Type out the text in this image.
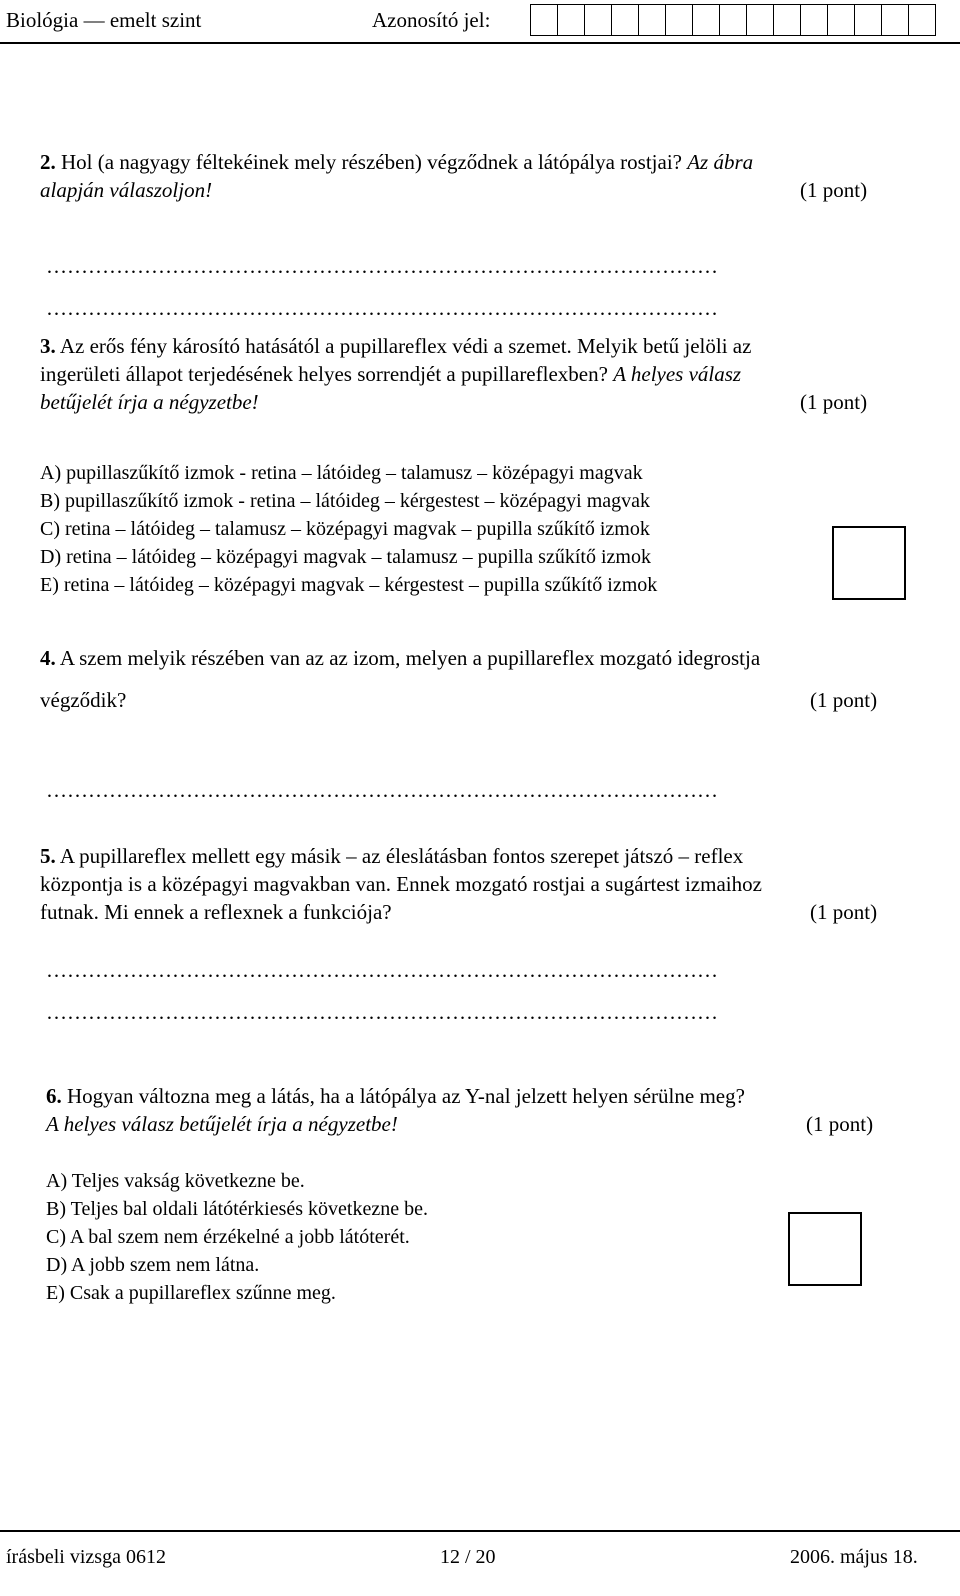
Biológia — emelt szint	Azonosító jel:
2. Hol (a nagyagy féltekéinek mely részében) végződnek a látópálya rostjai? Az ábra
alapján válaszoljon!	(1 pont)
……………………………………………………………………………………
……………………………………………………………………………………
3. Az erős fény károsító hatásától a pupillareflex védi a szemet. Melyik betű jelöli az
ingerületi állapot terjedésének helyes sorrendjét a pupillareflexben? A helyes válasz
betűjelét írja a négyzetbe!	(1 pont)
A) pupillaszűkítő izmok - retina – látóideg – talamusz – középagyi magvak
B) pupillaszűkítő izmok - retina – látóideg – kérgestest – középagyi magvak
C) retina – látóideg – talamusz – középagyi magvak – pupilla szűkítő izmok
D) retina – látóideg – középagyi magvak – talamusz – pupilla szűkítő izmok
E) retina – látóideg – középagyi magvak – kérgestest – pupilla szűkítő izmok
4. A szem melyik részében van az az izom, melyen a pupillareflex mozgató idegrostja
végződik?	(1 pont)
……………………………………………………………………………………
5. A pupillareflex mellett egy másik – az éleslátásban fontos szerepet játszó – reflex
központja is a középagyi magvakban van. Ennek mozgató rostjai a sugártest izmaihoz
futnak. Mi ennek a reflexnek a funkciója?	(1 pont)
……………………………………………………………………………………
……………………………………………………………………………………
6. Hogyan változna meg a látás, ha a látópálya az Y-nal jelzett helyen sérülne meg?
A helyes válasz betűjelét írja a négyzetbe!	(1 pont)
A) Teljes vakság következne be.
B) Teljes bal oldali látótérkiesés következne be.
C) A bal szem nem érzékelné a jobb látóterét.
D) A jobb szem nem látna.
E) Csak a pupillareflex szűnne meg.
írásbeli vizsga 0612	12 / 20	2006. május 18.
